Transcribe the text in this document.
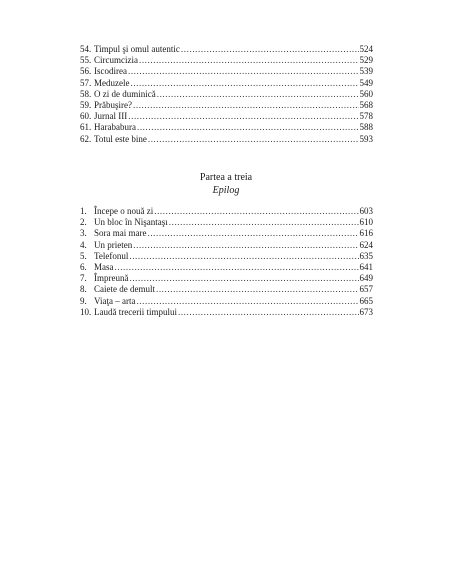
54. Timpul şi omul autentic .....	524
55. Circumcizia .....	529
56. Iscodirea .....	539
57. Meduzele .....	549
58. O zi de duminică .....	560
59. Prăbuşire? .....	568
60. Jurnal III .....	578
61. Harababura .....	588
62. Totul este bine .....	593
Partea a treia
Epilog
1. Începe o nouă zi .....	603
2. Un bloc în Nişantaşı .....	610
3. Sora mai mare .....	616
4. Un prieten .....	624
5. Telefonul .....	635
6. Masa .....	641
7. Împreună .....	649
8. Caiete de demult .....	657
9. Viaţa – arta .....	665
10. Laudă trecerii timpului .....	673
